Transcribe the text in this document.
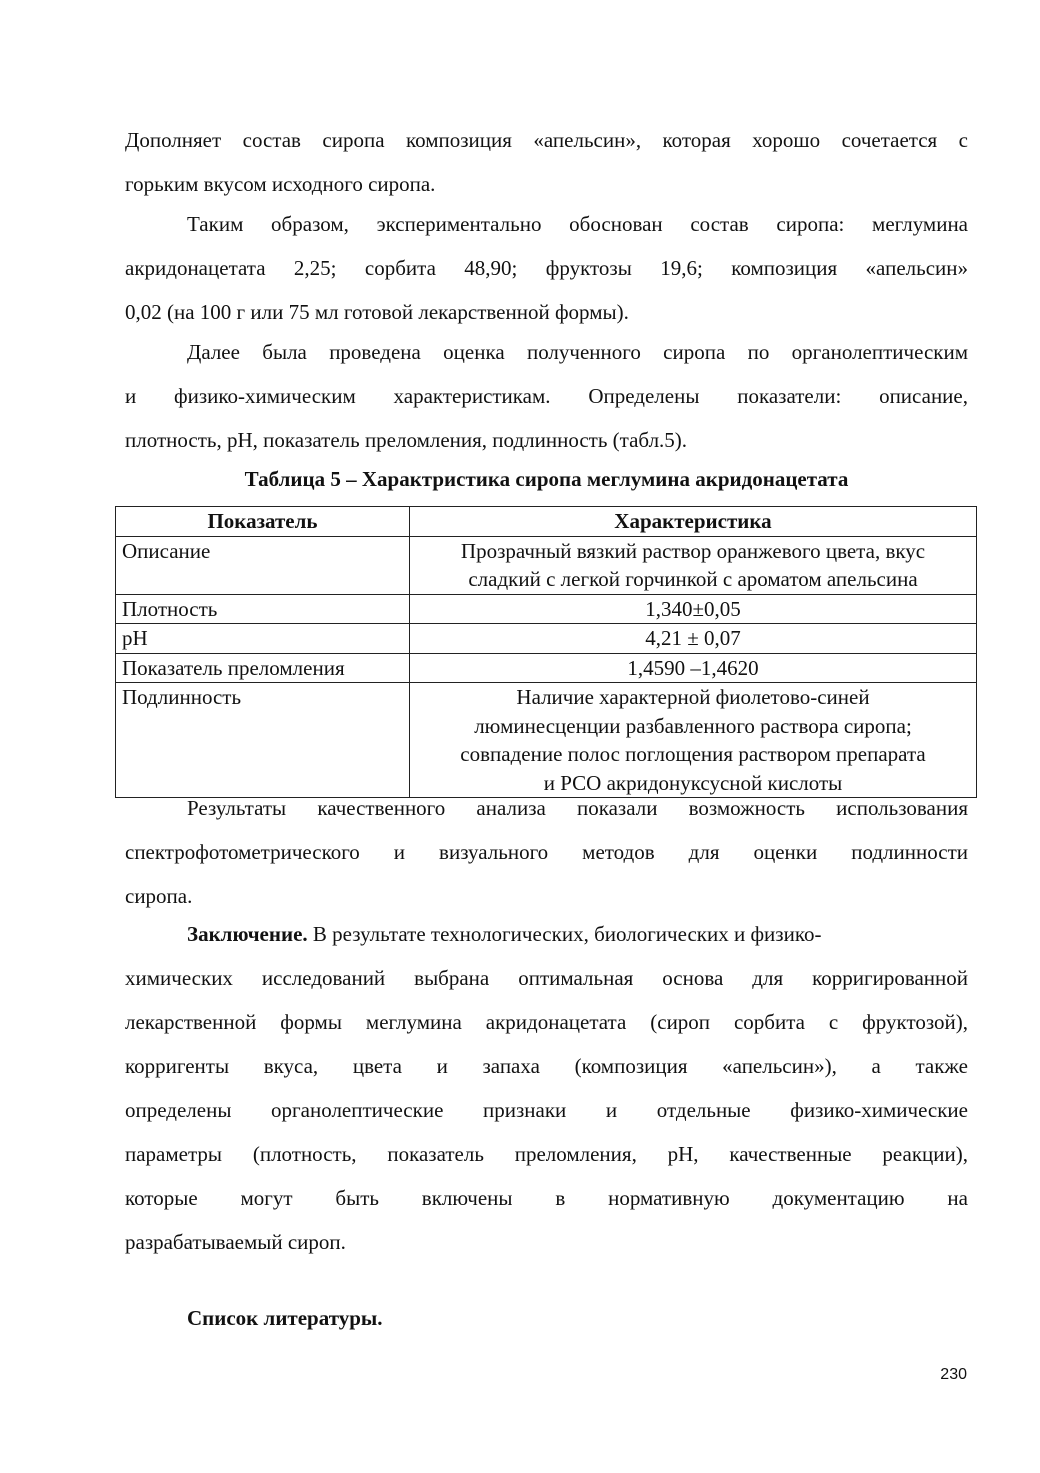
Дополняет состав сиропа композиция «апельсин», которая хорошо сочетается с
горьким вкусом исходного сиропа.
Таким образом, экспериментально обоснован состав сиропа: меглумина
акридонацетата 2,25; сорбита 48,90; фруктозы 19,6; композиция «апельсин»
0,02 (на 100 г или 75 мл готовой лекарственной формы).
Далее была проведена оценка полученного сиропа по органолептическим
и физико-химическим характеристикам. Определены показатели: описание,
плотность, рН, показатель преломления, подлинность (табл.5).

Таблица 5 – Характристика сиропа меглумина акридонацетата

Показатель	Характеристика
Описание	Прозрачный вязкий раствор оранжевого цвета, вкус
сладкий с легкой горчинкой с ароматом апельсина

Плотность	1,340±0,05

рН	4,21 ± 0,07

Показатель преломления	1,4590 –1,4620

Подлинность	Наличие характерной фиолетово-синей
люминесценции разбавленного раствора сиропа;
совпадение полос поглощения раствором препарата
и РСО акридонуксусной кислоты
Результаты качественного анализа показали возможность использования
спектрофотометрического и визуального методов для оценки подлинности
сиропа.
Заключение. В результате технологических, биологических и физико-
химических исследований выбрана оптимальная основа для корригированной
лекарственной формы меглумина акридонацетата (сироп сорбита с фруктозой),
корригенты вкуса, цвета и запаха (композиция «апельсин»), а также
определены органолептические признаки и отдельные физико-химические
параметры (плотность, показатель преломления, рН, качественные реакции),
которые могут быть включены в нормативную документацию на
разрабатываемый сироп.

Список литературы.

230
